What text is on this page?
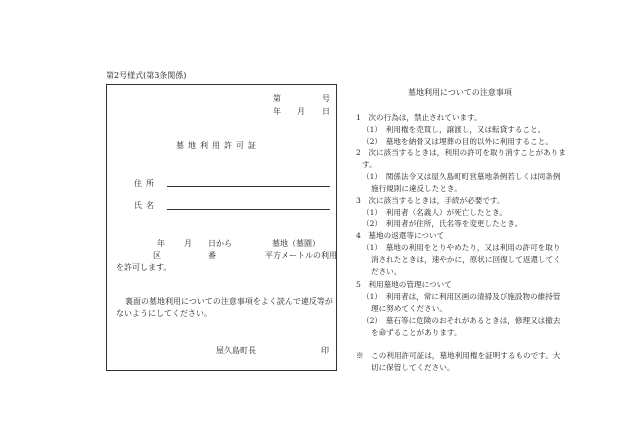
第2号様式(第3条関係)
第	号
年 月 日
墓地利用許可証
住所
氏名
年 月 日から	墓地（墓園）
区	番	平方メートルの利用
を許可します。
裏面の墓地利用についての注意事項をよく読んで違反等が
ないようにしてください。
屋久島町長	印
墓地利用についての注意事項
1　次の行為は，禁止されています。
（1）　利用権を売買し，譲渡し，又は転貸すること。
（2）　墓地を納骨又は埋葬の目的以外に利用すること。
2　次に該当するときは，利用の許可を取り消すことがありま
す。
（1）　関係法令又は屋久島町町営墓地条例若しくは同条例
施行規則に違反したとき。
3　次に該当するときは，手続が必要です。
（1）　利用者（名義人）が死亡したとき。
（2）　利用者が住所，氏名等を変更したとき。
4　墓地の返還等について
（1）　墓地の利用をとりやめたり，又は利用の許可を取り
消されたときは，速やかに，原状に回復して返還してく
ださい。
5　利用墓地の管理について
（1）　利用者は，常に利用区画の清掃及び施設物の維持管
理に努めてください。
（2）　墓石等に危険のおそれがあるときは，修理又は撤去
を命ずることがあります。
※　この利用許可証は，墓地利用権を証明するものです。大
切に保管してください。
